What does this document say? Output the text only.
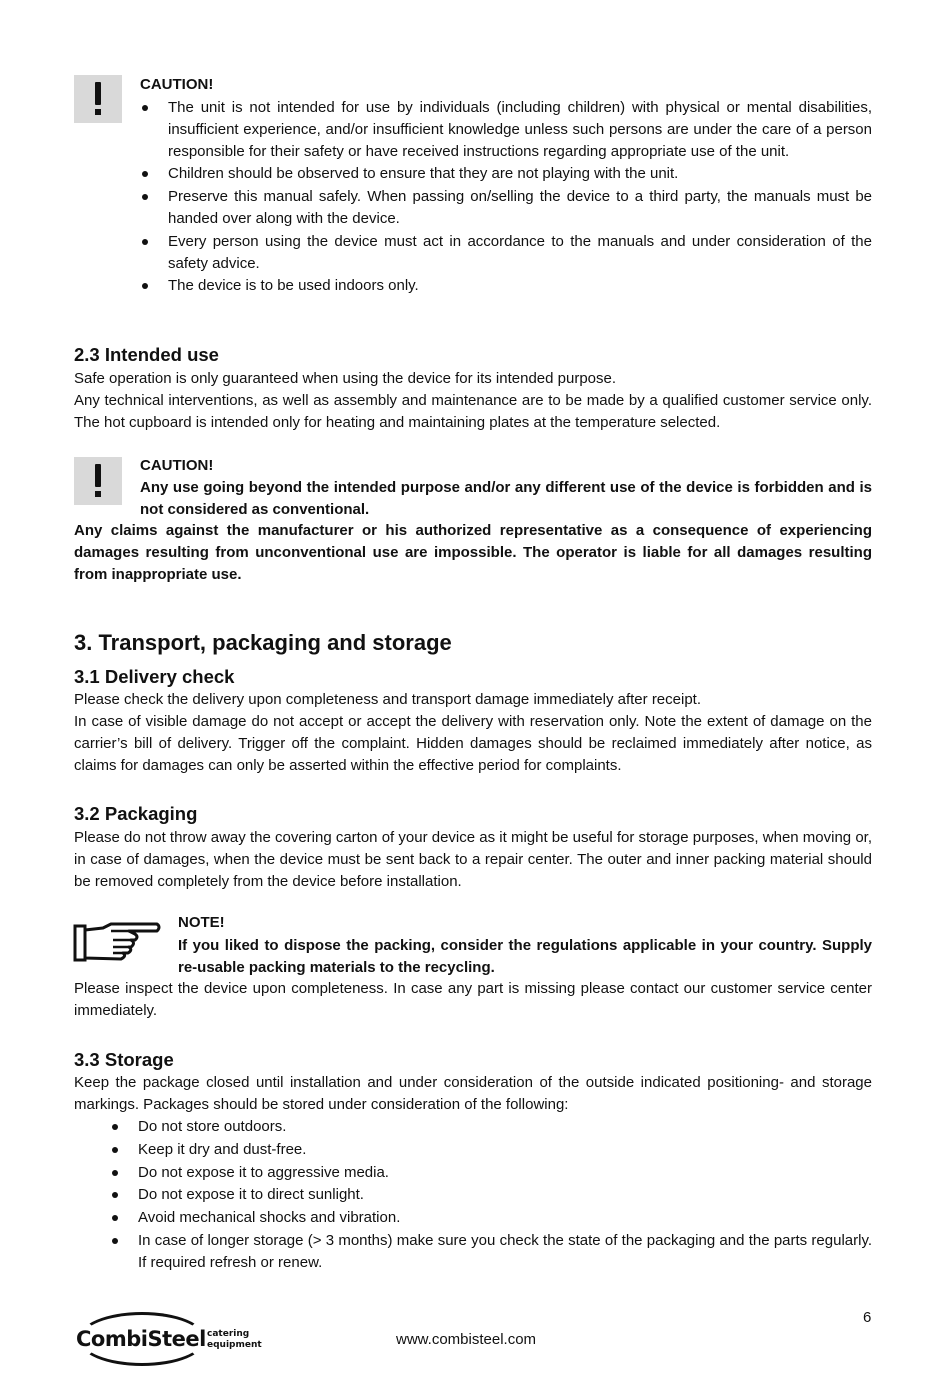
CAUTION!
The unit is not intended for use by individuals (including children) with physical or mental disabilities, insufficient experience, and/or insufficient knowledge unless such persons are under the care of a person responsible for their safety or have received instructions regarding appropriate use of the unit.
Children should be observed to ensure that they are not playing with the unit.
Preserve this manual safely. When passing on/selling the device to a third party, the manuals must be handed over along with the device.
Every person using the device must act in accordance to the manuals and under consideration of the safety advice.
The device is to be used indoors only.
2.3 Intended use

Safe operation is only guaranteed when using the device for its intended purpose.

Any technical interventions, as well as assembly and maintenance are to be made by a qualified customer service only. The hot cupboard is intended only for heating and maintaining plates at the temperature selected.

CAUTION!

Any use going beyond the intended purpose and/or any different use of the device is forbidden and is not considered as conventional.

Any claims against the manufacturer or his authorized representative as a consequence of experiencing damages resulting from unconventional use are impossible. The operator is liable for all damages resulting from inappropriate use.

3. Transport, packaging and storage
3.1 Delivery check

Please check the delivery upon completeness and transport damage immediately after receipt.

In case of visible damage do not accept or accept the delivery with reservation only. Note the extent of damage on the carrier’s bill of delivery. Trigger off the complaint. Hidden damages should be reclaimed immediately after notice, as claims for damages can only be asserted within the effective period for complaints.

3.2 Packaging

Please do not throw away the covering carton of your device as it might be useful for storage purposes, when moving or, in case of damages, when the device must be sent back to a repair center. The outer and inner packing material should be removed completely from the device before installation.

NOTE!

If you liked to dispose the packing, consider the regulations applicable in your country. Supply re-usable packing materials to the recycling.

Please inspect the device upon completeness. In case any part is missing please contact our customer service center immediately.

3.3 Storage

Keep the package closed until installation and under consideration of the outside indicated positioning- and storage markings. Packages should be stored under consideration of the following:

Do not store outdoors.
Keep it dry and dust-free.
Do not expose it to aggressive media.
Do not expose it to direct sunlight.
Avoid mechanical shocks and vibration.
In case of longer storage (> 3 months) make sure you check the state of the packaging and the parts regularly. If required refresh or renew.
6
www.combisteel.com
CombiSteel catering
equipment
